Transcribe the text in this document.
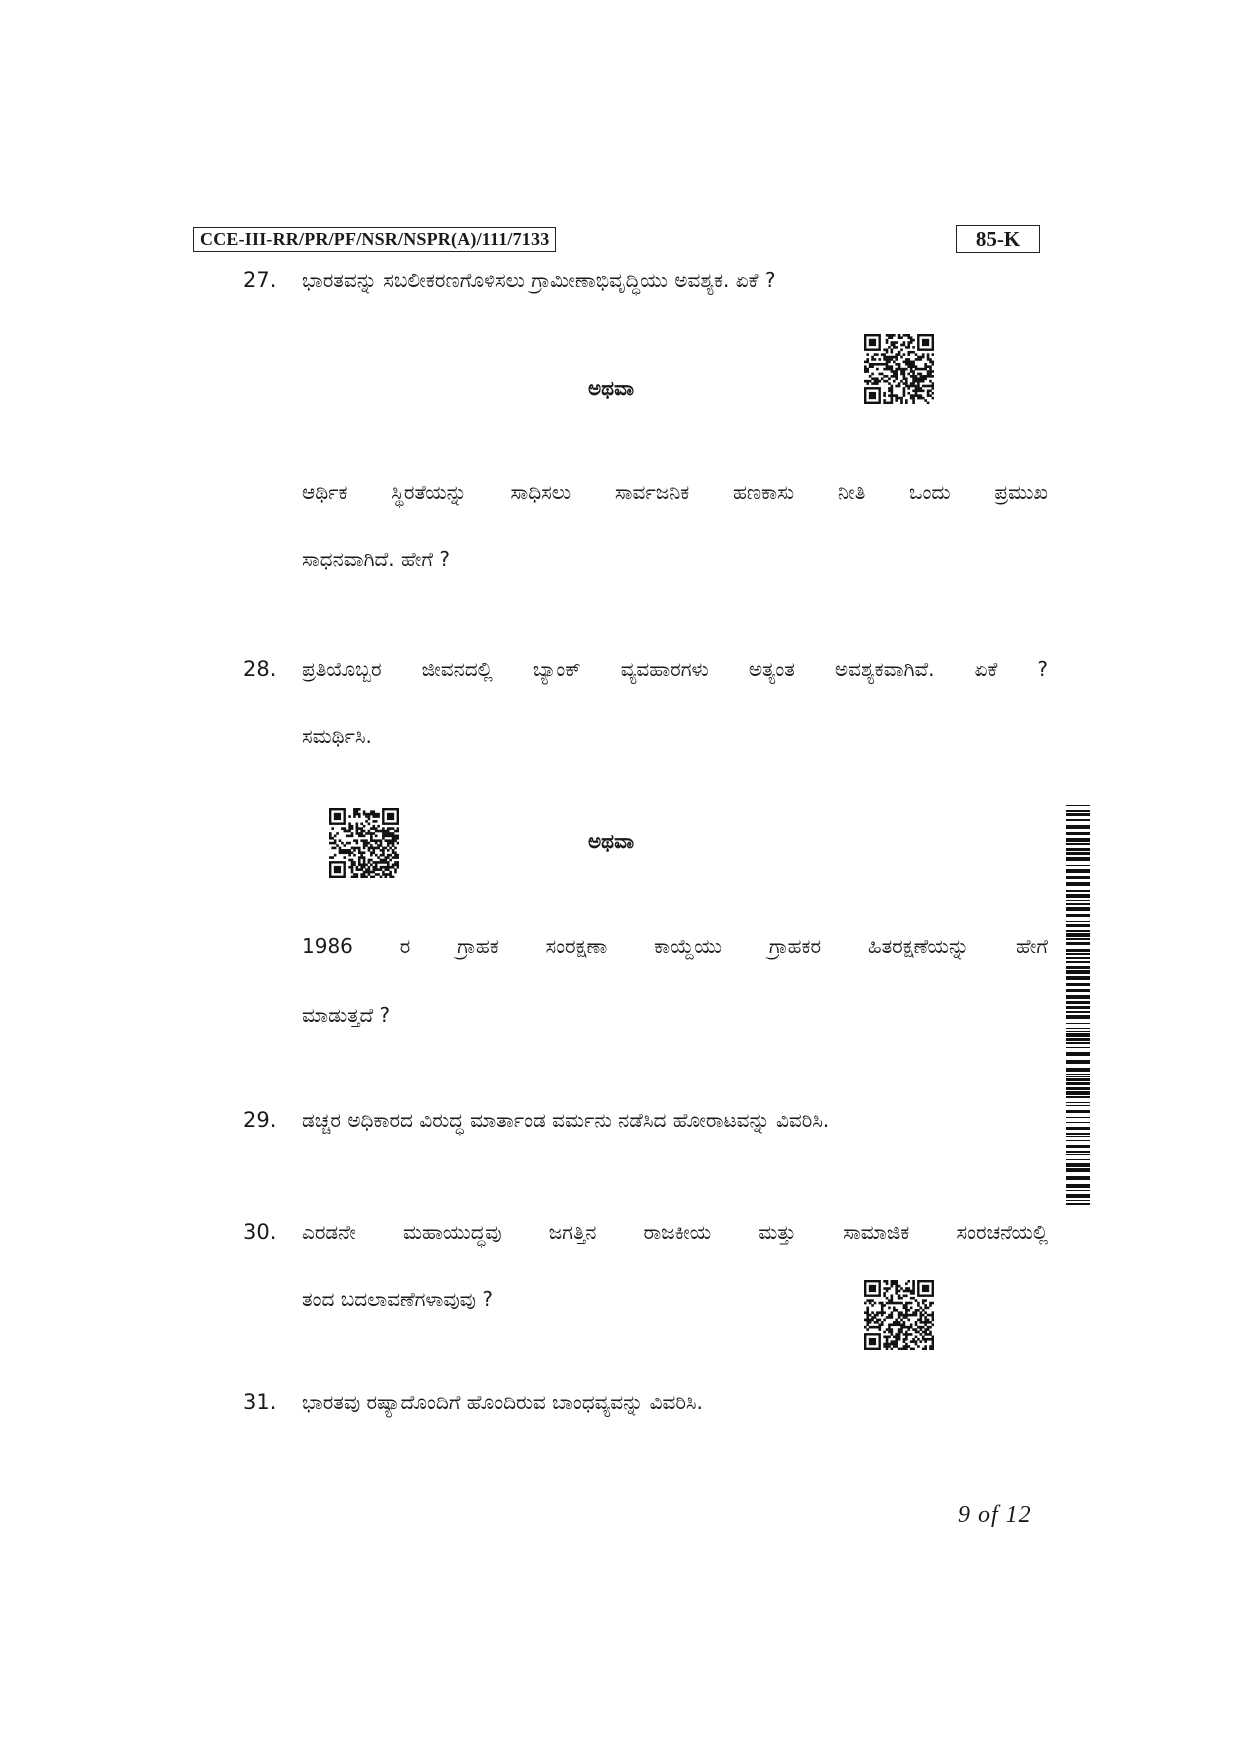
CCE-III-RR/PR/PF/NSR/NSPR(A)/111/7133	85-K
27. ಭಾರತವನ್ನು ಸಬಲೀಕರಣಗೊಳಿಸಲು ಗ್ರಾಮೀಣಾಭಿವೃದ್ಧಿಯು ಅವಶ್ಯಕ. ಏಕೆ ?
ಅಥವಾ
ಆರ್ಥಿಕ ಸ್ಥಿರತೆಯನ್ನು ಸಾಧಿಸಲು ಸಾರ್ವಜನಿಕ ಹಣಕಾಸು ನೀತಿ ಒಂದು ಪ್ರಮುಖ
ಸಾಧನವಾಗಿದೆ. ಹೇಗೆ ?
28. ಪ್ರತಿಯೊಬ್ಬರ ಜೀವನದಲ್ಲಿ ಬ್ಯಾಂಕ್ ವ್ಯವಹಾರಗಳು ಅತ್ಯಂತ ಅವಶ್ಯಕವಾಗಿವೆ. ಏಕೆ ?
ಸಮರ್ಥಿಸಿ.
ಅಥವಾ
1986 ರ ಗ್ರಾಹಕ ಸಂರಕ್ಷಣಾ ಕಾಯ್ದೆಯು ಗ್ರಾಹಕರ ಹಿತರಕ್ಷಣೆಯನ್ನು ಹೇಗೆ
ಮಾಡುತ್ತದೆ ?
29. ಡಚ್ಚರ ಅಧಿಕಾರದ ವಿರುದ್ಧ ಮಾರ್ತಾಂಡ ವರ್ಮನು ನಡೆಸಿದ ಹೋರಾಟವನ್ನು ವಿವರಿಸಿ.
30. ಎರಡನೇ ಮಹಾಯುದ್ಧವು ಜಗತ್ತಿನ ರಾಜಕೀಯ ಮತ್ತು ಸಾಮಾಜಿಕ ಸಂರಚನೆಯಲ್ಲಿ
ತಂದ ಬದಲಾವಣೆಗಳಾವುವು ?
31. ಭಾರತವು ರಷ್ಯಾದೊಂದಿಗೆ ಹೊಂದಿರುವ ಬಾಂಧವ್ಯವನ್ನು ವಿವರಿಸಿ.
9 of 12
